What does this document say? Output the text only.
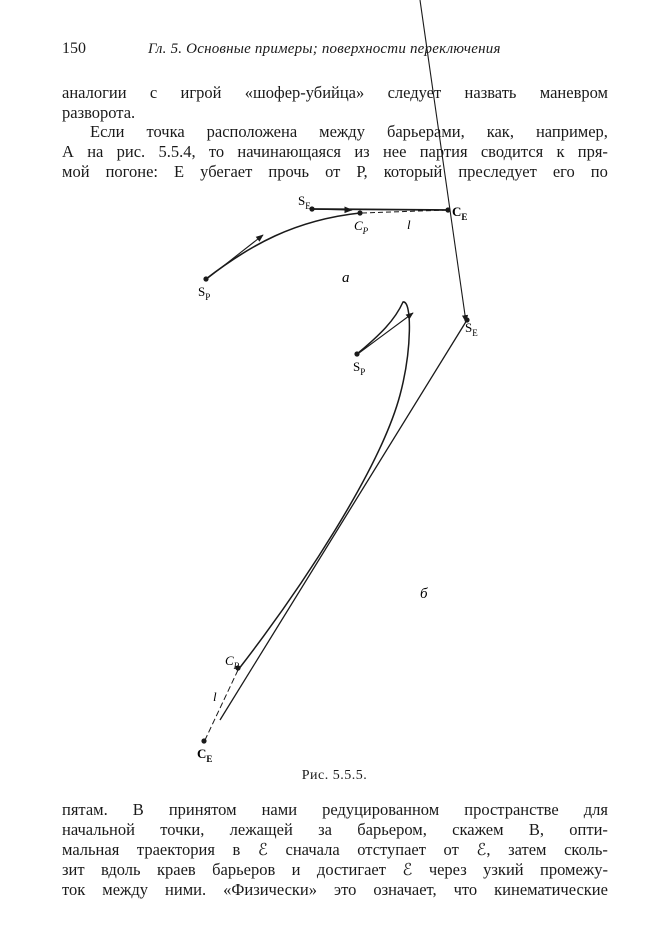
150	Гл. 5. Основные примеры; поверхности переключения
аналогии с игрой «шофер-убийца» следует назвать маневром
разворота.
Если точка расположена между барьерами, как, например,
А на рис. 5.5.4, то начинающаяся из нее партия сводится к пря-
мой погоне: Е убегает прочь от Р, который преследует его по
$S_E$	$C_E$
$C_P$	l
$S_P$
а
$S_E$
$S_P$
$C_P$
l
$C_E$
б
Рис. 5.5.5.
пятам. В принятом нами редуцированном пространстве для
начальной точки, лежащей за барьером, скажем В, опти-
мальная траектория в ℰ сначала отступает от ℰ, затем сколь-
зит вдоль краев барьеров и достигает ℰ через узкий промежу-
ток между ними. «Физически» это означает, что кинематические
